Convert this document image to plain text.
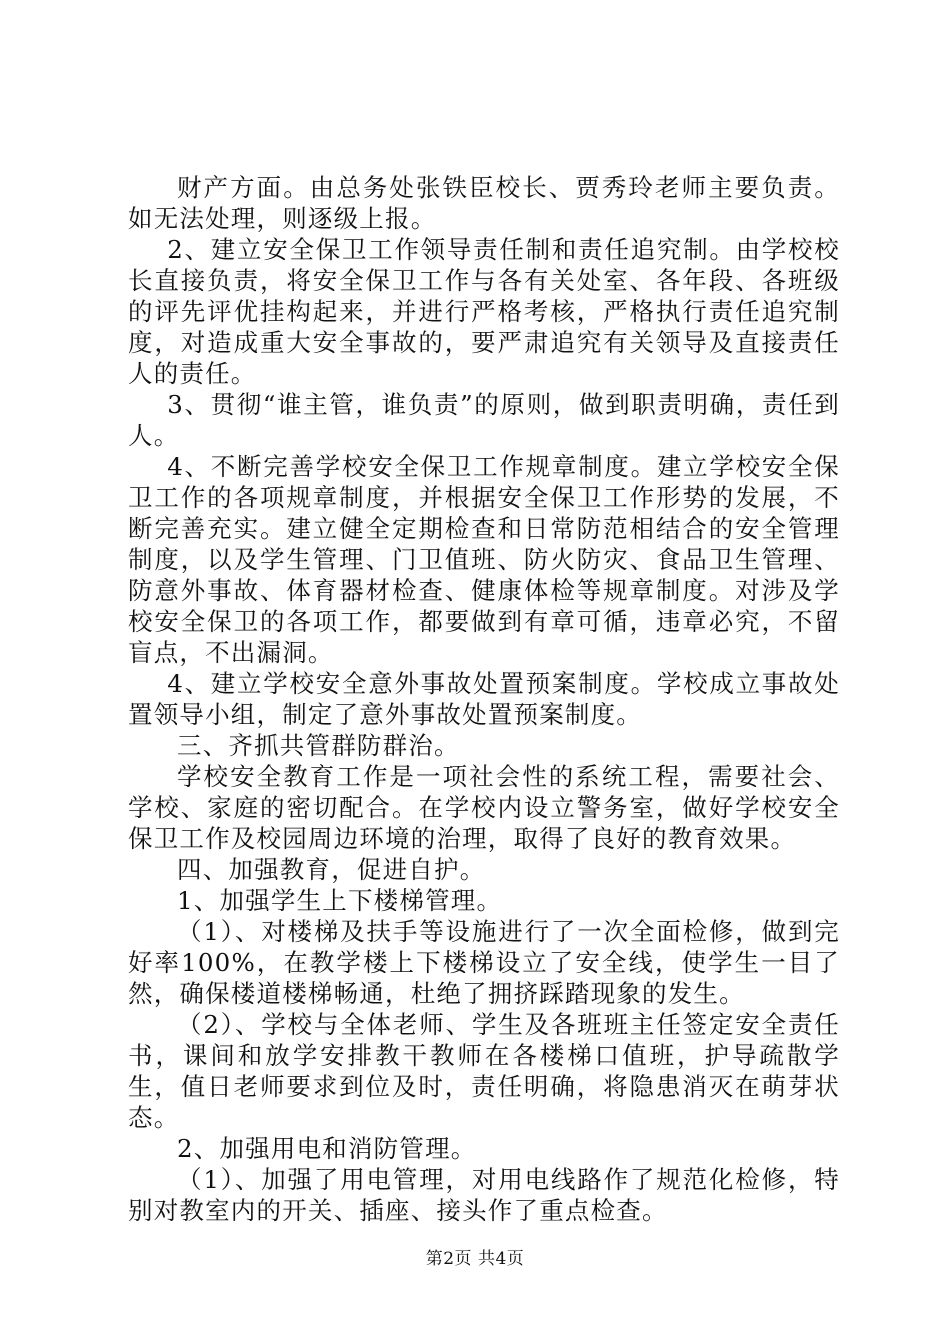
财产方面。由总务处张铁臣校长、贾秀玲老师主要负责。如无法处理，则逐级上报。

2、建立安全保卫工作领导责任制和责任追究制。由学校校长直接负责，将安全保卫工作与各有关处室、各年段、各班级的评先评优挂构起来，并进行严格考核，严格执行责任追究制度，对造成重大安全事故的，要严肃追究有关领导及直接责任人的责任。

3、贯彻“谁主管，谁负责”的原则，做到职责明确，责任到人。

4、不断完善学校安全保卫工作规章制度。建立学校安全保卫工作的各项规章制度，并根据安全保卫工作形势的发展，不断完善充实。建立健全定期检查和日常防范相结合的安全管理制度，以及学生管理、门卫值班、防火防灾、食品卫生管理、防意外事故、体育器材检查、健康体检等规章制度。对涉及学校安全保卫的各项工作，都要做到有章可循，违章必究，不留盲点，不出漏洞。

4、建立学校安全意外事故处置预案制度。学校成立事故处置领导小组，制定了意外事故处置预案制度。

三、齐抓共管群防群治。

学校安全教育工作是一项社会性的系统工程，需要社会、学校、家庭的密切配合。在学校内设立警务室，做好学校安全保卫工作及校园周边环境的治理，取得了良好的教育效果。

四、加强教育，促进自护。

1、加强学生上下楼梯管理。

（1）、对楼梯及扶手等设施进行了一次全面检修，做到完好率100%，在教学楼上下楼梯设立了安全线，使学生一目了然，确保楼道楼梯畅通，杜绝了拥挤踩踏现象的发生。

（2）、学校与全体老师、学生及各班班主任签定安全责任书，课间和放学安排教干教师在各楼梯口值班，护导疏散学生，值日老师要求到位及时，责任明确，将隐患消灭在萌芽状态。

2、加强用电和消防管理。

（1）、加强了用电管理，对用电线路作了规范化检修，特别对教室内的开关、插座、接头作了重点检查。

第2页 共4页
